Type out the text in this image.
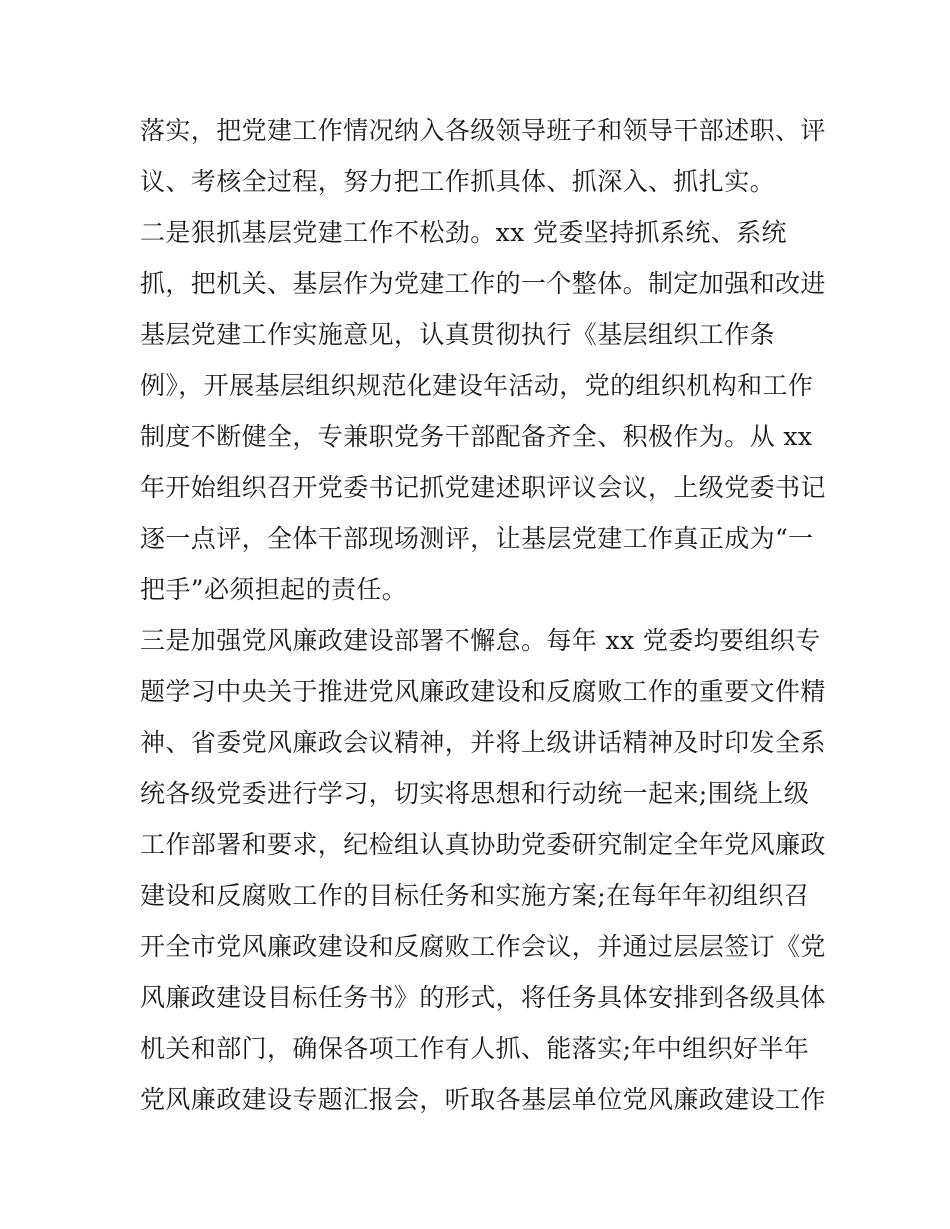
落实，把党建工作情况纳入各级领导班子和领导干部述职、评
议、考核全过程，努力把工作抓具体、抓深入、抓扎实。
二是狠抓基层党建工作不松劲。xx 党委坚持抓系统、系统
抓，把机关、基层作为党建工作的一个整体。制定加强和改进
基层党建工作实施意见，认真贯彻执行《基层组织工作条
例》，开展基层组织规范化建设年活动，党的组织机构和工作
制度不断健全，专兼职党务干部配备齐全、积极作为。从 xx
年开始组织召开党委书记抓党建述职评议会议，上级党委书记
逐一点评，全体干部现场测评，让基层党建工作真正成为“一
把手”必须担起的责任。
三是加强党风廉政建设部署不懈怠。每年 xx 党委均要组织专
题学习中央关于推进党风廉政建设和反腐败工作的重要文件精
神、省委党风廉政会议精神，并将上级讲话精神及时印发全系
统各级党委进行学习，切实将思想和行动统一起来;围绕上级
工作部署和要求，纪检组认真协助党委研究制定全年党风廉政
建设和反腐败工作的目标任务和实施方案;在每年年初组织召
开全市党风廉政建设和反腐败工作会议，并通过层层签订《党
风廉政建设目标任务书》的形式，将任务具体安排到各级具体
机关和部门，确保各项工作有人抓、能落实;年中组织好半年
党风廉政建设专题汇报会，听取各基层单位党风廉政建设工作
